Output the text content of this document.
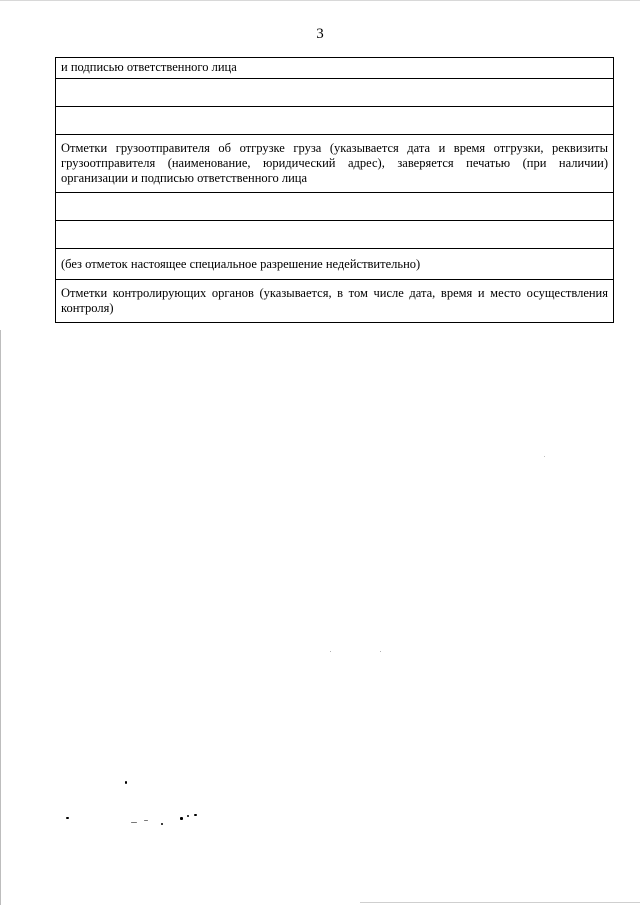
3
и подписью ответственного лица

Отметки грузоотправителя об отгрузке груза (указывается дата и время отгрузки, реквизиты грузоотправителя (наименование, юридический адрес), заверяется печатью (при наличии) организации и подписью ответственного лица

(без отметок настоящее специальное разрешение недействительно)
Отметки контролирующих органов (указывается, в том числе дата, время и место осуществления контроля)
